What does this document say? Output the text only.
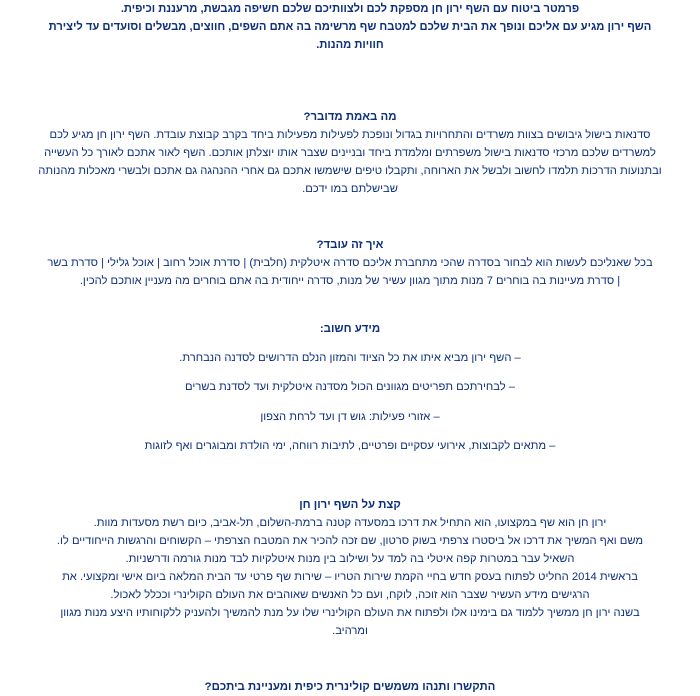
פרמטר ביטוח עם השף ירון חן מספקת לכם ולצוותיכם שלכם חשיפה מגבשת, מרעננת וכיפית.

השף ירון מגיע עם אליכם ונופך את הבית שלכם למטבח שף מרשימה בה אתם השפים, חווצים, מבשלים וסועדים עד ליצירת

חוויות מהנות.

מה באמת מדובר?

סדנאות בישול גיבושים בצוות משרדים והתחרויות בגדול ונופכת לפעילות מפעילות ביחד בקרב קבוצת עובדת. השף ירון חן מגיע לכם

למשרדים שלכם מרכזי סדנאות בישול משפרתים ומלמדת ביחד ובניינים שצבר אותו יוצלתן אותכם. השף לאור אתכם לאורך כל העשייה

ובתנועות הדרכות תלמדו לחשוב ולבשל את הארוחה, ותקבלו טיפים שישמשו אתכם גם אחרי ההנהגה גם אתכם ולבשרי מאכלות מהנותה

שבישלתם במו ידכם.

איך זה עובד?

בכל שאנליכם לעשות הוא לבחור בסדרה שהכי מתחברת אליכם סדרה איטלקית (חלבית) | סדרת אוכל רחוב | אוכל גלילי | סדרת בשר

| סדרת מעיינות בה בוחרים 7 מנות מתוך מגוון עשיר של מנות, סדרה ייחודית בה אתם בוחרים מה מעניין אותכם להכין.

מידע חשוב:

– השף ירון מביא איתו את כל הציוד והמזון הנלם הדרושים לסדנה הנבחרת.

– לבחירתכם תפריטים מגוונים הכול מסדנה איטלקית ועד לסדנת בשרים

– אזורי פעילות: גוש דן ועד לרחת הצפון

– מתאים לקבוצות, אירועי עסקיים ופרטיים, לתיבות רווחה, ימי הולדת ומבוגרים ואף לזוגות

קצת על השף ירון חן

ירון חן הוא שף במקצועו, הוא התחיל את דרכו במסעדה קטנה ברמת-השלום, תל-אביב, כיום רשת מסעדות מוות.

משם ואף המשיך את דרכו אל ביסטרו צרפתי בשוק סרטון, שם זכה להכיר את המטבח הצרפתי – הקשוחים והרגשות הייחודיים לו.

השאיל עבר במטרות קפה איטלי בה למד על ושילוב בין מנות איטלקיות לבד מנות גורמה ודרשניות.

בראשית 2014 החליט לפתוח בעסק חדש בחיי הקמת שירות הטריו – שירות שף פרטי עד הבית המלאה ביום אישי ומקצועי. את

הרגישים מידע העשיר שצבר הוא זוכה, לוקח, ועם כל האנשים שאוהבים את העולם הקולינרי וככלל לאכול.

בשנה ירון חן ממשיך ללמוד גם בימינו אלו ולפתוח את העולם הקולינרי שלו על מנת להמשיך ולהעניק ללקוחותיו היצע מנות מגוון

ומרהיב.

התקשרו ותנהו משמשים קולינרית כיפית ומעניינת ביתכם?
